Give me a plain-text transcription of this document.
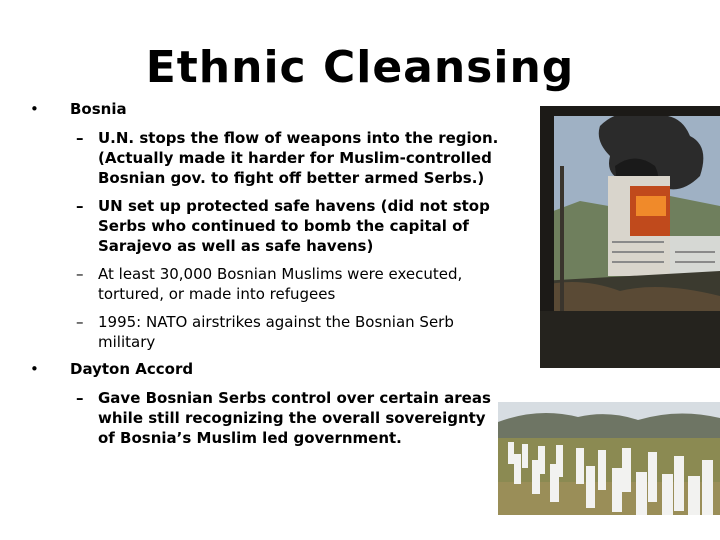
Ethnic Cleansing
• Bosnia
– U.N. stops the flow of weapons into the region. (Actually made it harder for Muslim-controlled Bosnian gov. to fight off better armed Serbs.)
– UN set up protected safe havens (did not stop Serbs who continued to bomb the capital of Sarajevo as well as safe havens)
– At least 30,000 Bosnian Muslims were executed, tortured, or made into refugees
– 1995: NATO airstrikes against the Bosnian Serb military
• Dayton Accord
– Gave Bosnian Serbs control over certain areas while still recognizing the overall sovereignty of Bosnia’s Muslim led government.
